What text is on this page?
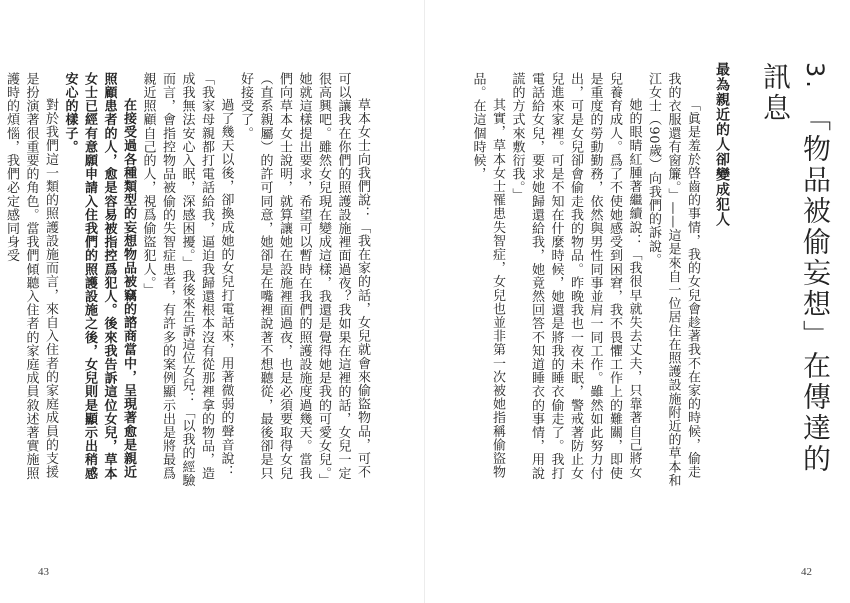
草本女士向我們說：「我在家的話，女兒就會來偷盜物品，可不可以讓我在你們的照護設施裡面過夜？我如果在這裡的話，女兒一定很高興吧。雖然女兒現在變成這樣，我還是覺得她是我的可愛女兒。」她就這樣提出要求，希望可以暫時在我們的照護設施度過幾天。當我們向草本女士說明，就算讓她在設施裡面過夜，也是必須要取得女兒（直系親屬）的許可同意，她卻是在嘴裡說著不想聽從，最後卻是只好接受了。

過了幾天以後，卻換成她的女兒打電話來，用著微弱的聲音說：「我家母親都打電話給我，逼迫我歸還根本沒有從那裡拿的物品，造成我無法安心入眠，深感困擾。」我後來告訴這位女兒：「以我的經驗而言，會指控物品被偷的失智症患者，有許多的案例顯示出是將最爲親近照顧自己的人，視爲偷盜犯人。」

在接受過各種類型的妄想物品被竊的諮商當中，呈現著愈是親近照顧患者的人，愈是容易被指控爲犯人。後來我告訴這位女兒，草本女士已經有意願申請入住我們的照護設施之後，女兒則是顯示出稍感安心的樣子。

對於我們這一類的照護設施而言，來自入住者的家庭成員的支援是扮演著很重要的角色。當我們傾聽入住者的家庭成員敘述著實施照護時的煩惱，我們必定感同身受

43	42
3.「物品被偷妄想」在傳達的訊息
最為親近的人卻變成犯人

「眞是羞於啓齒的事情，我的女兒會趁著我不在家的時候，偷走我的衣服還有窗簾。」——這是來自一位居住在照護設施附近的草本和江女士（90歲）向我們的訴說。

她的眼睛紅腫著繼續說：「我很早就失去丈夫，只靠著自己將女兒養育成人。爲了不使她感受到困窘，我不畏懼工作上的難關，即使是重度的勞動勤務，依然與男性同事並肩一同工作。雖然如此努力付出，可是女兒卻會偷走我的物品。昨晚我也一夜未眠，警戒著防止女兒進來家裡。可是不知在什麼時候，她還是將我的睡衣偷走了。我打電話給女兒，要求她歸還給我，她竟然回答不知道睡衣的事情，用說謊的方式來敷衍我。」

其實，草本女士罹患失智症，女兒也並非第一次被她指稱偷盜物品。在這個時候，
